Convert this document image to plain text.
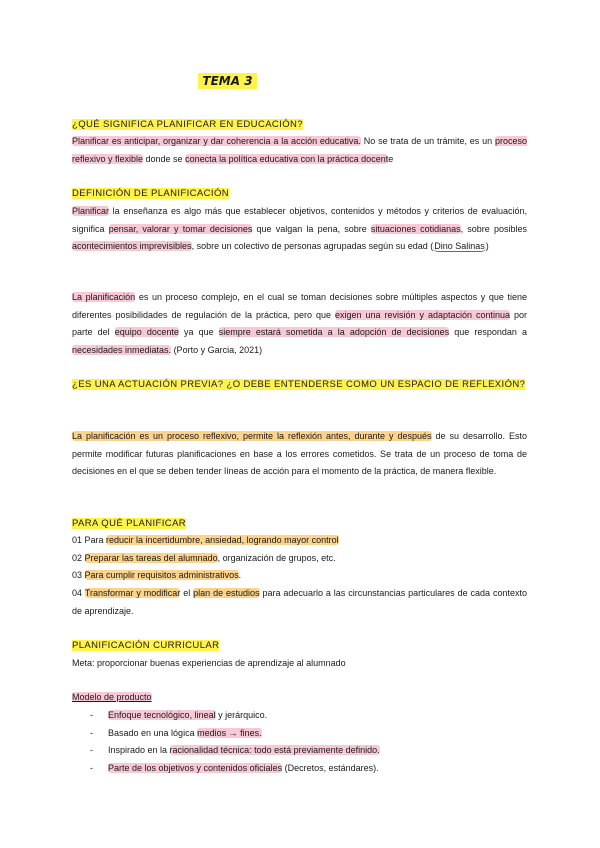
TEMA 3
¿QUÉ SIGNIFICA PLANIFICAR EN EDUCACIÓN?
Planificar es anticipar, organizar y dar coherencia a la acción educativa. No se trata de un trámite, es un proceso reflexivo y flexible donde se conecta la política educativa con la práctica docente
DEFINICIÓN DE PLANIFICACIÓN
Planificar la enseñanza es algo más que establecer objetivos, contenidos y métodos y criterios de evaluación, significa pensar, valorar y tomar decisiones que valgan la pena, sobre situaciones cotidianas, sobre posibles acontecimientos imprevisibles, sobre un colectivo de personas agrupadas según su edad (Dino Salinas)
La planificación es un proceso complejo, en el cual se toman decisiones sobre múltiples aspectos y que tiene diferentes posibilidades de regulación de la práctica, pero que exigen una revisión y adaptación continua por parte del equipo docente ya que siempre estará sometida a la adopción de decisiones que respondan a necesidades inmediatas. (Porto y Garcia, 2021)
¿ES UNA ACTUACIÓN PREVIA? ¿O DEBE ENTENDERSE COMO UN ESPACIO DE REFLEXIÓN?
La planificación es un proceso reflexivo, permite la reflexión antes, durante y después de su desarrollo. Esto permite modificar futuras planificaciones en base a los errores cometidos. Se trata de un proceso de toma de decisiones en el que se deben tender líneas de acción para el momento de la práctica, de manera flexible.
PARA QUÉ PLANIFICAR
01 Para reducir la incertidumbre, ansiedad, logrando mayor control
02 Preparar las tareas del alumnado, organización de grupos, etc.
03 Para cumplir requisitos administrativos.
04 Transformar y modificar el plan de estudios para adecuarlo a las circunstancias particulares de cada contexto de aprendizaje.
PLANIFICACIÓN CURRICULAR
Meta: proporcionar buenas experiencias de aprendizaje al alumnado
Modelo de producto
- Enfoque tecnológico, lineal y jerárquico.
- Basado en una lógica medios → fines.
- Inspirado en la racionalidad técnica: todo está previamente definido.
- Parte de los objetivos y contenidos oficiales (Decretos, estándares).
